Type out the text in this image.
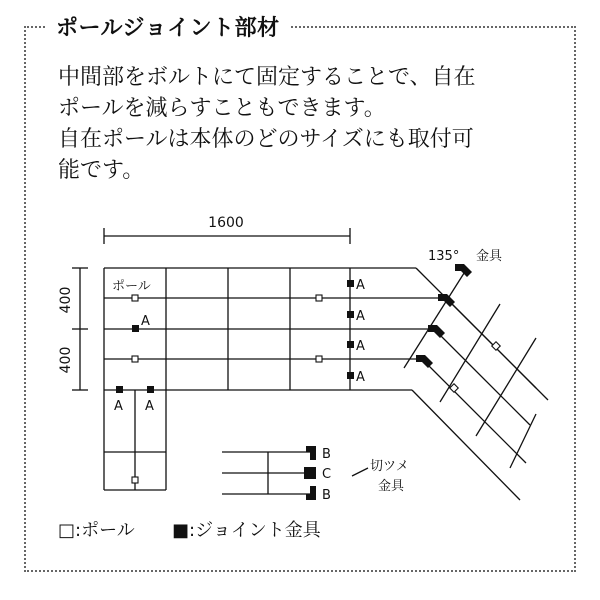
ポールジョイント部材

中間部をボルトにて固定することで、自在

ポールを減らすこともできます。

自在ポールは本体のどのサイズにも取付可

能です。

1600
400
400
ポール
A
A
A
A
A
A A
135° 金具
B
C
B
切ツメ
金具
□:ポール ■:ジョイント金具
